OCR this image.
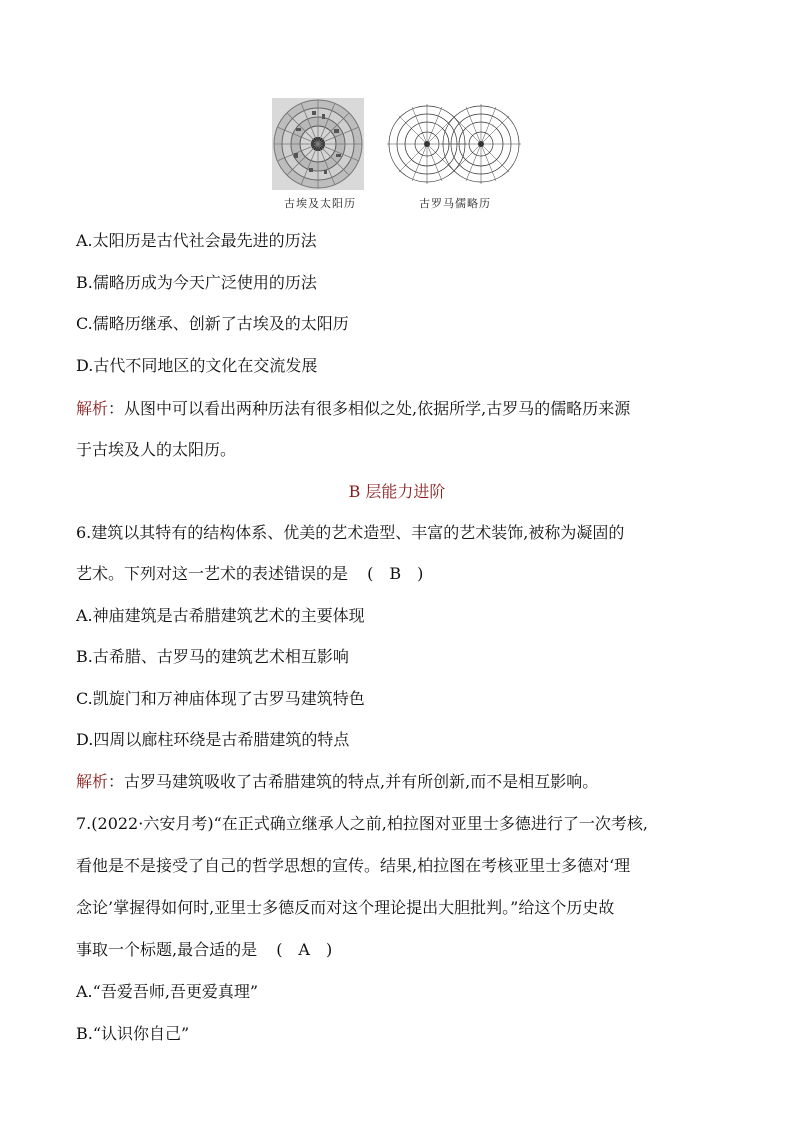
古埃及太阳历	古罗马儒略历
A.太阳历是古代社会最先进的历法
B.儒略历成为今天广泛使用的历法
C.儒略历继承、创新了古埃及的太阳历
D.古代不同地区的文化在交流发展
解析：从图中可以看出两种历法有很多相似之处,依据所学,古罗马的儒略历来源
于古埃及人的太阳历。
B 层能力进阶
6.建筑以其特有的结构体系、优美的艺术造型、丰富的艺术装饰,被称为凝固的
艺术。下列对这一艺术的表述错误的是 (　B　)
A.神庙建筑是古希腊建筑艺术的主要体现
B.古希腊、古罗马的建筑艺术相互影响
C.凯旋门和万神庙体现了古罗马建筑特色
D.四周以廊柱环绕是古希腊建筑的特点
解析：古罗马建筑吸收了古希腊建筑的特点,并有所创新,而不是相互影响。
7.(2022·六安月考)“在正式确立继承人之前,柏拉图对亚里士多德进行了一次考核,
看他是不是接受了自己的哲学思想的宣传。结果,柏拉图在考核亚里士多德对‘理
念论’掌握得如何时,亚里士多德反而对这个理论提出大胆批判。”给这个历史故
事取一个标题,最合适的是 (　A　)
A.“吾爱吾师,吾更爱真理”
B.“认识你自己”
